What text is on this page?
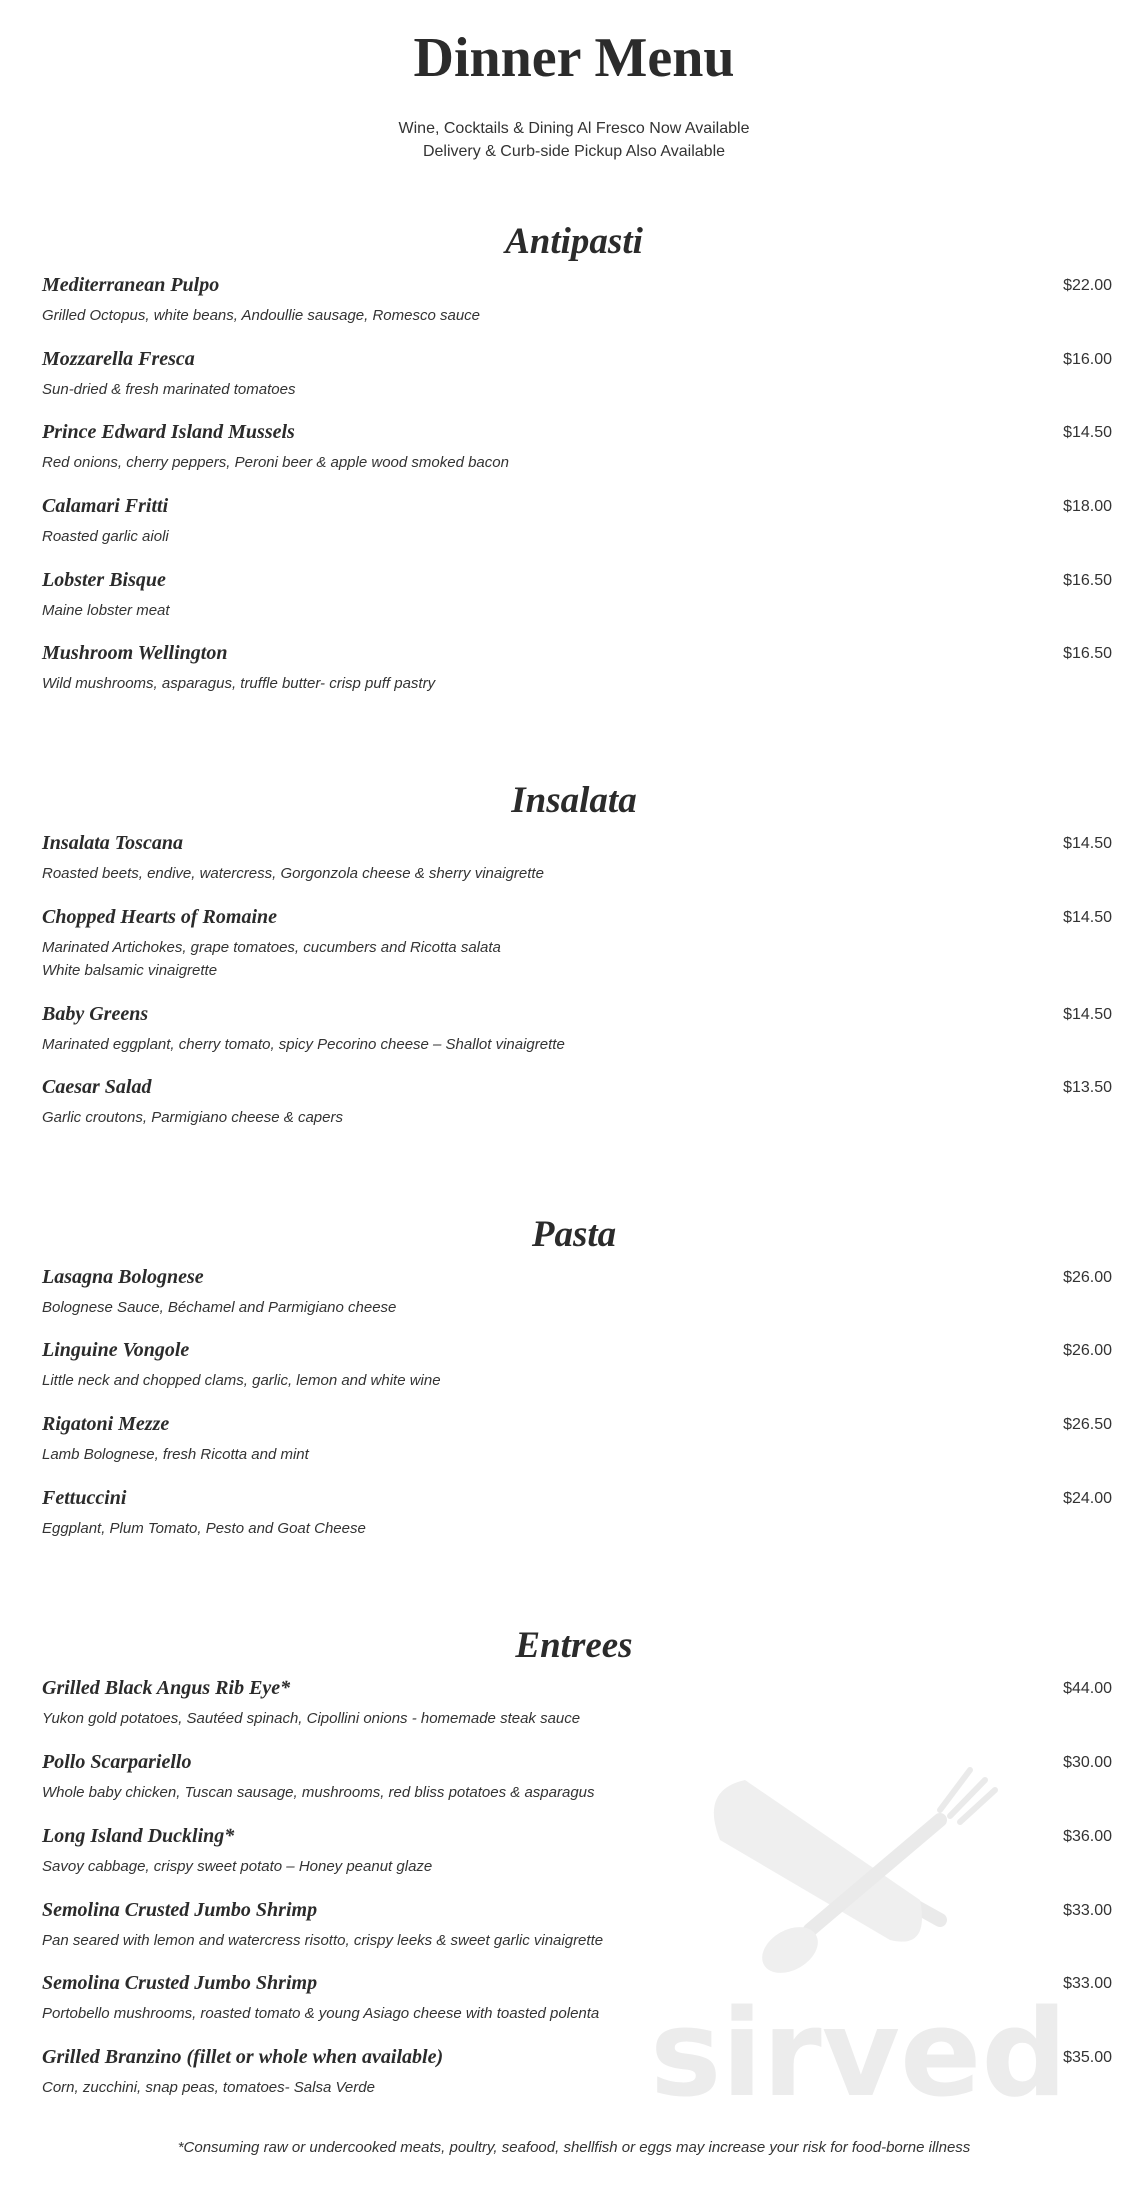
Dinner Menu
Wine, Cocktails & Dining Al Fresco Now Available
Delivery & Curb-side Pickup Also Available
Antipasti
Mediterranean Pulpo	$22.00
Grilled Octopus, white beans, Andoullie sausage, Romesco sauce
Mozzarella Fresca	$16.00
Sun-dried & fresh marinated tomatoes
Prince Edward Island Mussels	$14.50
Red onions, cherry peppers, Peroni beer & apple wood smoked bacon
Calamari Fritti	$18.00
Roasted garlic aioli
Lobster Bisque	$16.50
Maine lobster meat
Mushroom Wellington	$16.50
Wild mushrooms, asparagus, truffle butter- crisp puff pastry
Insalata
Insalata Toscana	$14.50
Roasted beets, endive, watercress, Gorgonzola cheese & sherry vinaigrette
Chopped Hearts of Romaine	$14.50
Marinated Artichokes, grape tomatoes, cucumbers and Ricotta salata
White balsamic vinaigrette
Baby Greens	$14.50
Marinated eggplant, cherry tomato, spicy Pecorino cheese – Shallot vinaigrette
Caesar Salad	$13.50
Garlic croutons, Parmigiano cheese & capers
Pasta
Lasagna Bolognese	$26.00
Bolognese Sauce, Béchamel and Parmigiano cheese
Linguine Vongole	$26.00
Little neck and chopped clams, garlic, lemon and white wine
Rigatoni Mezze	$26.50
Lamb Bolognese, fresh Ricotta and mint
Fettuccini	$24.00
Eggplant, Plum Tomato, Pesto and Goat Cheese
Entrees
Grilled Black Angus Rib Eye*	$44.00
Yukon gold potatoes, Sautéed spinach, Cipollini onions - homemade steak sauce
Pollo Scarpariello	$30.00
Whole baby chicken, Tuscan sausage, mushrooms, red bliss potatoes & asparagus
Long Island Duckling*	$36.00
Savoy cabbage, crispy sweet potato – Honey peanut glaze
Semolina Crusted Jumbo Shrimp	$33.00
Pan seared with lemon and watercress risotto, crispy leeks & sweet garlic vinaigrette
Semolina Crusted Jumbo Shrimp	$33.00
Portobello mushrooms, roasted tomato & young Asiago cheese with toasted polenta
Grilled Branzino (fillet or whole when available)	$35.00
Corn, zucchini, snap peas, tomatoes- Salsa Verde	sirved
*Consuming raw or undercooked meats, poultry, seafood, shellfish or eggs may increase your risk for food-borne illness
